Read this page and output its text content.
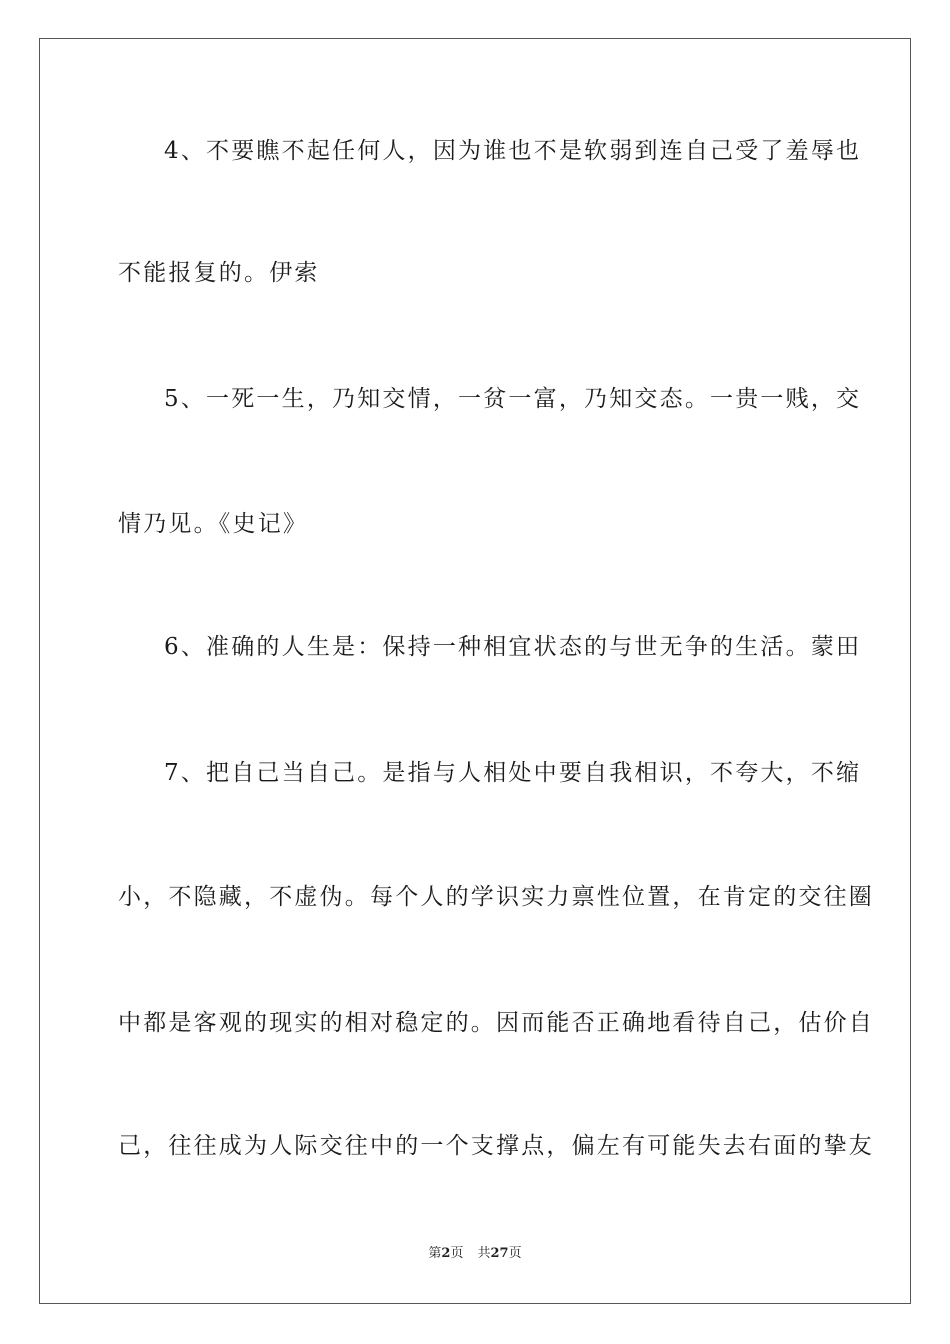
4、不要瞧不起任何人，因为谁也不是软弱到连自己受了羞辱也
不能报复的。伊索
5、一死一生，乃知交情，一贫一富，乃知交态。一贵一贱，交
情乃见。《史记》
6、准确的人生是：保持一种相宜状态的与世无争的生活。蒙田
7、把自己当自己。是指与人相处中要自我相识，不夸大，不缩
小，不隐藏，不虚伪。每个人的学识实力禀性位置，在肯定的交往圈
中都是客观的现实的相对稳定的。因而能否正确地看待自己，估价自
己，往往成为人际交往中的一个支撑点，偏左有可能失去右面的挚友
第2页 共27页
